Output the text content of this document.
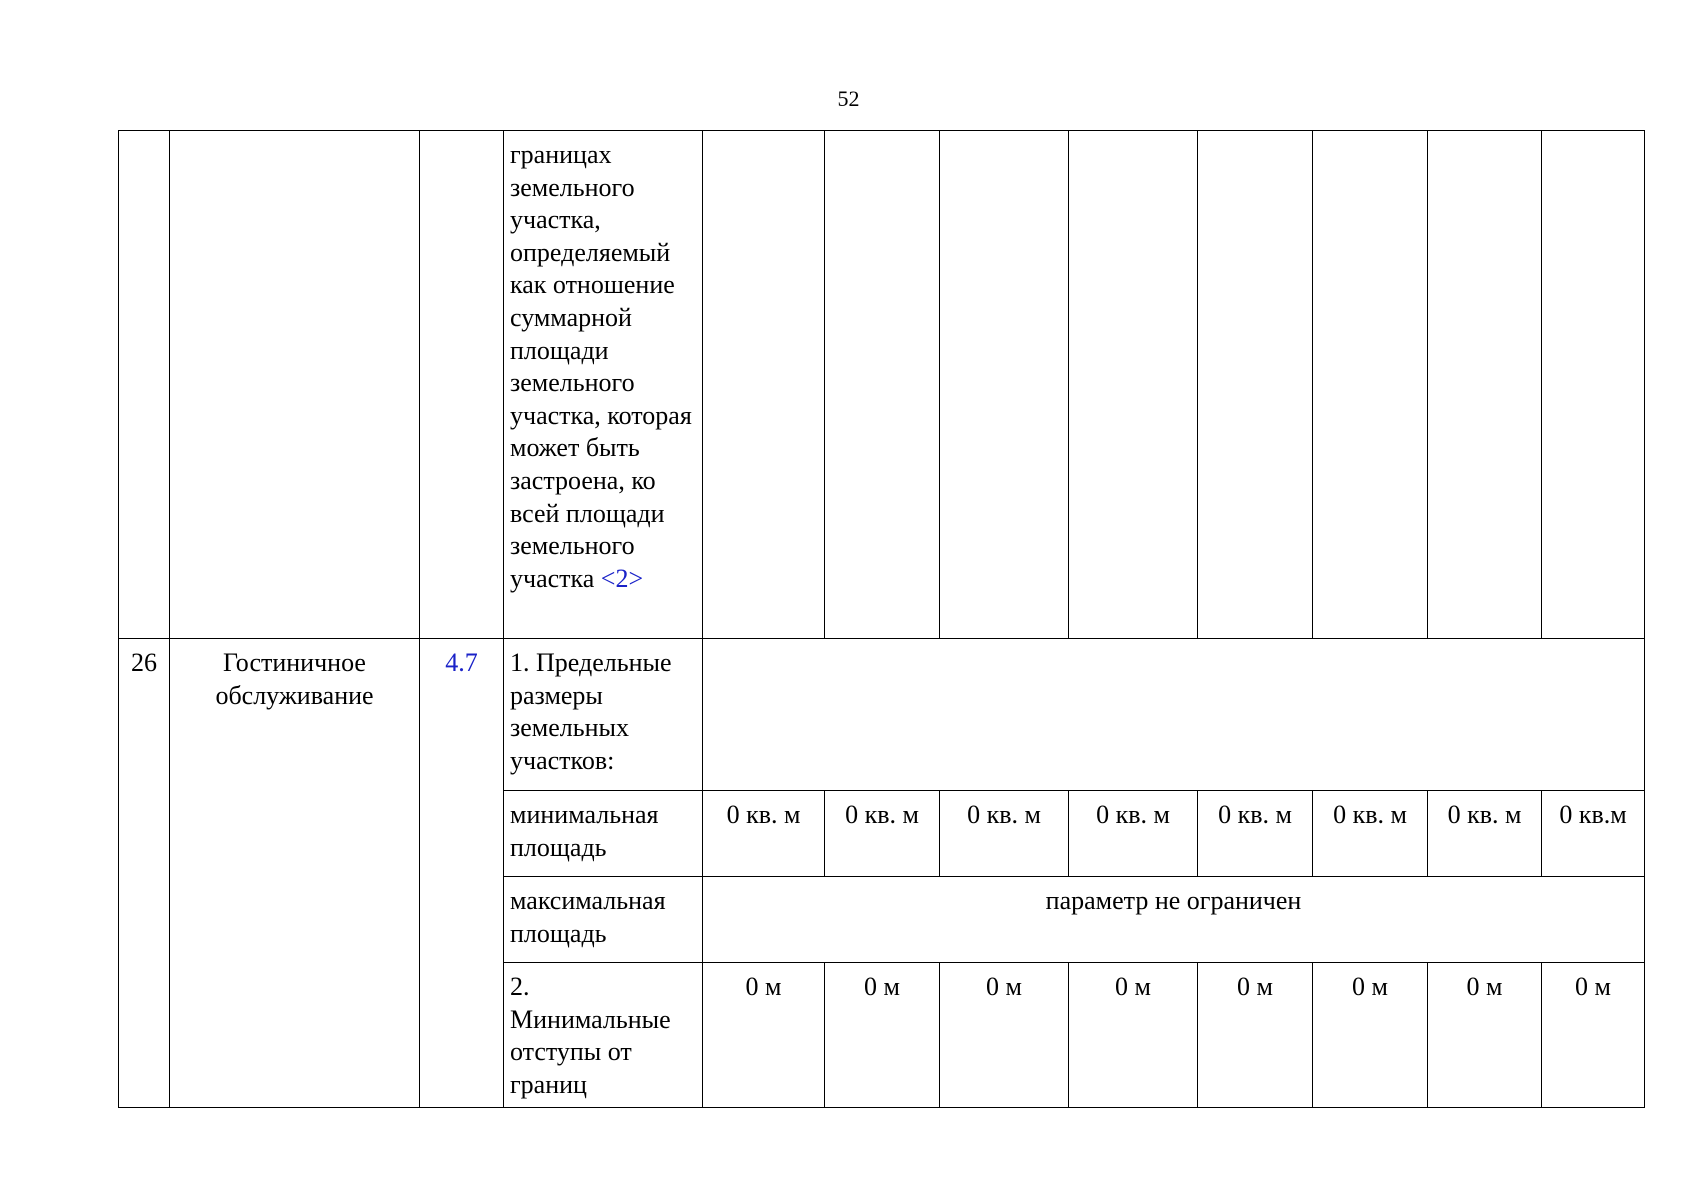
52
			границах земельного участка, определяемый как отношение суммарной площади земельного участка, которая может быть застроена, ко всей площади земельного участка <2>								
26	Гостиничное обслуживание	4.7	1. Предельные размеры земельных участков:								
			минимальная площадь	0 кв. м	0 кв. м	0 кв. м	0 кв. м	0 кв. м	0 кв. м	0 кв. м	0 кв.м
			максимальная площадь	параметр не ограничен							
			2. Минимальные отступы от границ	0 м	0 м	0 м	0 м	0 м	0 м	0 м	0 м
